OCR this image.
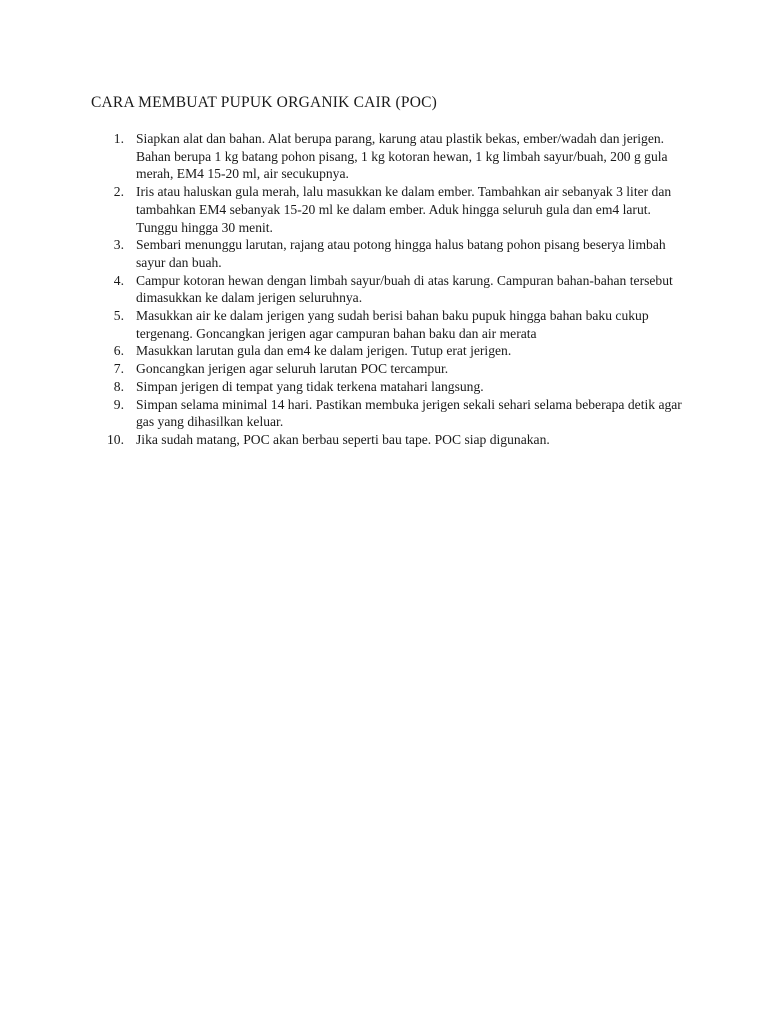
CARA MEMBUAT PUPUK ORGANIK CAIR (POC)
1. Siapkan alat dan bahan. Alat berupa parang, karung atau plastik bekas, ember/wadah dan jerigen. Bahan berupa 1 kg batang pohon pisang, 1 kg kotoran hewan, 1 kg limbah sayur/buah, 200 g gula merah, EM4 15-20 ml, air secukupnya.
2. Iris atau haluskan gula merah, lalu masukkan ke dalam ember. Tambahkan air sebanyak 3 liter dan tambahkan EM4 sebanyak 15-20 ml ke dalam ember. Aduk hingga seluruh gula dan em4 larut. Tunggu hingga 30 menit.
3. Sembari menunggu larutan, rajang atau potong hingga halus batang pohon pisang beserya limbah sayur dan buah.
4. Campur kotoran hewan dengan limbah sayur/buah di atas karung. Campuran bahan-bahan tersebut dimasukkan ke dalam jerigen seluruhnya.
5. Masukkan air ke dalam jerigen yang sudah berisi bahan baku pupuk hingga bahan baku cukup tergenang. Goncangkan jerigen agar campuran bahan baku dan air merata
6. Masukkan larutan gula dan em4 ke dalam jerigen. Tutup erat jerigen.
7. Goncangkan jerigen agar seluruh larutan POC tercampur.
8. Simpan jerigen di tempat yang tidak terkena matahari langsung.
9. Simpan selama minimal 14 hari. Pastikan membuka jerigen sekali sehari selama beberapa detik agar gas yang dihasilkan keluar.
10. Jika sudah matang, POC akan berbau seperti bau tape. POC siap digunakan.
